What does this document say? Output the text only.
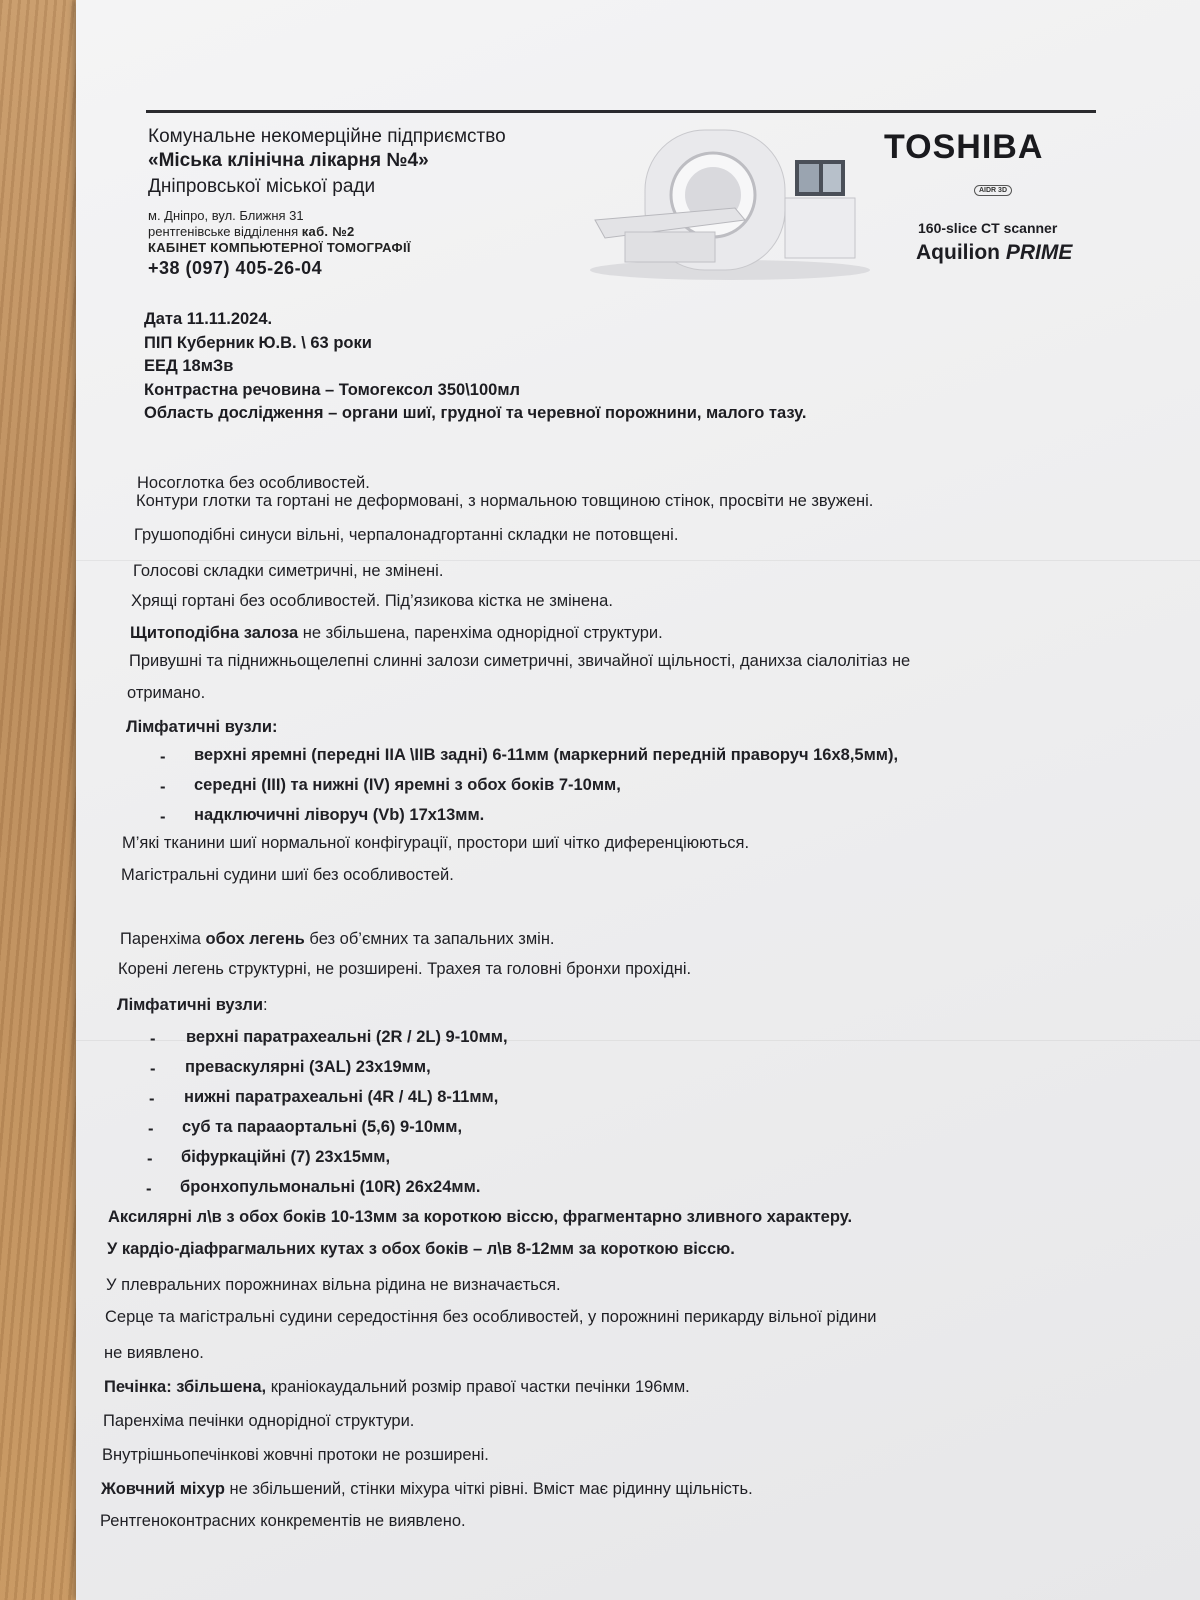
Комунальне некомерційне підприємство
«Міська клінічна лікарня №4»
Дніпровської міської ради
м. Дніпро, вул. Ближня 31
рентгенівське відділення каб. №2
КАБІНЕТ КОМПЬЮТЕРНОЇ ТОМОГРАФІЇ
+38 (097) 405-26-04
TOSHIBA
AIDR 3D
160-slice CT scanner
Aquilion PRIME
Дата 11.11.2024.
ПІП Куберник Ю.В. \ 63 роки
ЕЕД 18мЗв
Контрастна речовина – Томогексол 350\100мл
Область дослідження – органи шиї, грудної та черевної порожнини, малого тазу.
Носоглотка без особливостей.
Контури глотки та гортані не деформовані, з нормальною товщиною стінок, просвіти не звужені.
Грушоподібні синуси вільні, черпалонадгортанні складки не потовщені.
Голосові складки симетричні, не змінені.
Хрящі гортані без особливостей. Під’язикова кістка не змінена.
Щитоподібна залоза не збільшена, паренхіма однорідної структури.
Привушні та піднижньощелепні слинні залози симетричні, звичайної щільності, данихза сіалолітіаз не
отримано.
Лімфатичні вузли:
- верхні яремні (передні IIA \IIB задні) 6-11мм (маркерний передній праворуч 16х8,5мм),
- середні (III) та нижні (IV) яремні з обох боків 7-10мм,
- надключичні ліворуч (Vb) 17х13мм.
М’які тканини шиї нормальної конфігурації, простори шиї чітко диференціюються.
Магістральні судини шиї без особливостей.
Паренхіма обох легень без об’ємних та запальних змін.
Корені легень структурні, не розширені. Трахея та головні бронхи прохідні.
Лімфатичні вузли:
- верхні паратрахеальні (2R / 2L) 9-10мм,
- преваскулярні (3AL) 23х19мм,
- нижні паратрахеальні (4R / 4L) 8-11мм,
- суб та парааортальні (5,6) 9-10мм,
- біфуркаційні (7) 23х15мм,
- бронхопульмональні (10R) 26х24мм.
Аксилярні л\в з обох боків 10-13мм за короткою віссю, фрагментарно зливного характеру.
У кардіо-діафрагмальних кутах з обох боків – л\в 8-12мм за короткою віссю.
У плевральних порожнинах вільна рідина не визначається.
Серце та магістральні судини середостіння без особливостей, у порожнині перикарду вільної рідини
не виявлено.
Печінка: збільшена, краніокаудальний розмір правої частки печінки 196мм.
Паренхіма печінки однорідної структури.
Внутрішньопечінкові жовчні протоки не розширені.
Жовчний міхур не збільшений, стінки міхура чіткі рівні. Вміст має рідинну щільність.
Рентгеноконтрасних конкрементів не виявлено.
